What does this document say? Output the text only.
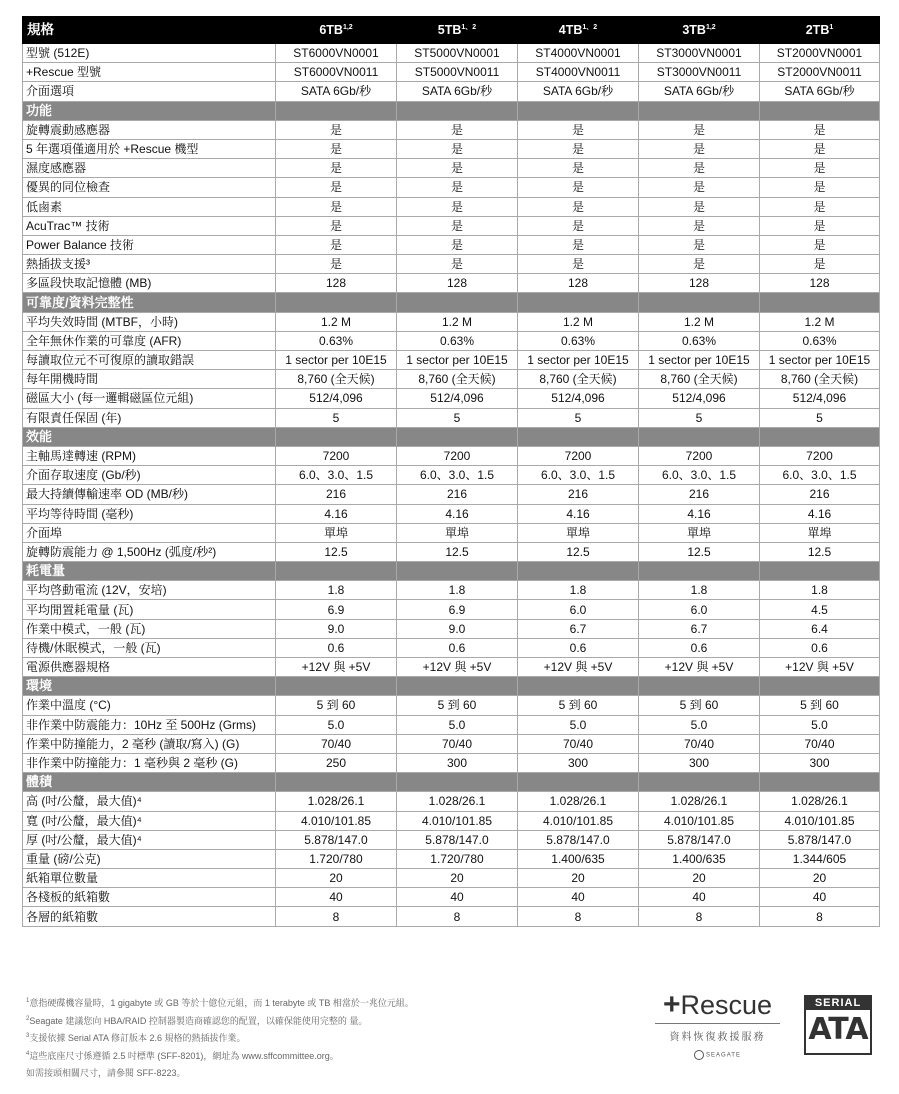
規格	6TB$^{1,2}$	$5TB^{1、2}$	$4TB^{1、2}$	3TB$^{1,2}$	$2TB^1$
型號 (512E)	ST6000VN0001	ST5000VN0001	ST4000VN0001	ST3000VN0001	ST2000VN0001
+Rescue 型號	ST6000VN0011	ST5000VN0011	ST4000VN0011	ST3000VN0011	ST2000VN0011
介面選項	SATA 6Gb/秒	SATA 6Gb/秒	SATA 6Gb/秒	SATA 6Gb/秒	SATA 6Gb/秒
功能					
旋轉震動感應器	是	是	是	是	是
5 年選項僅適用於 +Rescue 機型	是	是	是	是	是
濕度感應器	是	是	是	是	是
優異的同位檢查	是	是	是	是	是
低鹵素	是	是	是	是	是
AcuTrac™ 技術	是	是	是	是	是
Power Balance 技術	是	是	是	是	是
熱插拔支援³	是	是	是	是	是
多區段快取記憶體 (MB)	128	128	128	128	128
可靠度/資料完整性					
平均失效時間 (MTBF，小時)	1.2 M	1.2 M	1.2 M	1.2 M	1.2 M
全年無休作業的可靠度 (AFR)	0.63%	0.63%	0.63%	0.63%	0.63%
每讀取位元不可復原的讀取錯誤	1 sector per 10E15	1 sector per 10E15	1 sector per 10E15	1 sector per 10E15	1 sector per 10E15
每年開機時間	8,760 (全天候)	8,760 (全天候)	8,760 (全天候)	8,760 (全天候)	8,760 (全天候)
磁區大小 (每一邏輯磁區位元組)	512/4,096	512/4,096	512/4,096	512/4,096	512/4,096
有限責任保固 (年)	5	5	5	5	5
效能					
主軸馬達轉速 (RPM)	7200	7200	7200	7200	7200
介面存取速度 (Gb/秒)	6.0、3.0、1.5	6.0、3.0、1.5	6.0、3.0、1.5	6.0、3.0、1.5	6.0、3.0、1.5
最大持續傳輸速率 OD (MB/秒)	216	216	216	216	216
平均等待時間 (毫秒)	4.16	4.16	4.16	4.16	4.16
介面埠	單埠	單埠	單埠	單埠	單埠
旋轉防震能力 @ 1,500Hz (弧度/秒²)	12.5	12.5	12.5	12.5	12.5
耗電量					
平均啓動電流 (12V，安培)	1.8	1.8	1.8	1.8	1.8
平均閒置耗電量 (瓦)	6.9	6.9	6.0	6.0	4.5
作業中模式，一般 (瓦)	9.0	9.0	6.7	6.7	6.4
待機/休眠模式，一般 (瓦)	0.6	0.6	0.6	0.6	0.6
電源供應器規格	+12V 與 +5V	+12V 與 +5V	+12V 與 +5V	+12V 與 +5V	+12V 與 +5V
環境					
作業中溫度 (°C)	5 到 60	5 到 60	5 到 60	5 到 60	5 到 60
非作業中防震能力：10Hz 至 500Hz (Grms)	5.0	5.0	5.0	5.0	5.0
作業中防撞能力，2 毫秒 (讀取/寫入) (G)	70/40	70/40	70/40	70/40	70/40
非作業中防撞能力：1 毫秒與 2 毫秒 (G)	250	300	300	300	300
體積					
高 (吋/公釐，最大值)⁴	1.028/26.1	1.028/26.1	1.028/26.1	1.028/26.1	1.028/26.1
寬 (吋/公釐，最大值)⁴	4.010/101.85	4.010/101.85	4.010/101.85	4.010/101.85	4.010/101.85
厚 (吋/公釐，最大值)⁴	5.878/147.0	5.878/147.0	5.878/147.0	5.878/147.0	5.878/147.0
重量 (磅/公克)	1.720/780	1.720/780	1.400/635	1.400/635	1.344/605
紙箱單位數量	20	20	20	20	20
各棧板的紙箱數	40	40	40	40	40
各層的紙箱數	8	8	8	8	8
$^1$意指硬碟機容量時，1 gigabyte 或 GB 等於十億位元組，而 1 terabyte 或 TB 相當於一兆位元組。
$^2$Seagate 建議您向 HBA/RAID 控制器製造商確認您的配置，以確保能使用完整的 量。
$^3$支援依據 Serial ATA 修訂版本 2.6 規格的熱插拔作業。
$^4$這些底座尺寸係遵循 2.5 吋標準 (SFF-8201)，網址為 www.sffcommittee.org。
如需接頭相關尺寸，請參閱 SFF-8223。
+Rescue
資料恢復救援服務
SEAGATE
SERIAL
ATA
